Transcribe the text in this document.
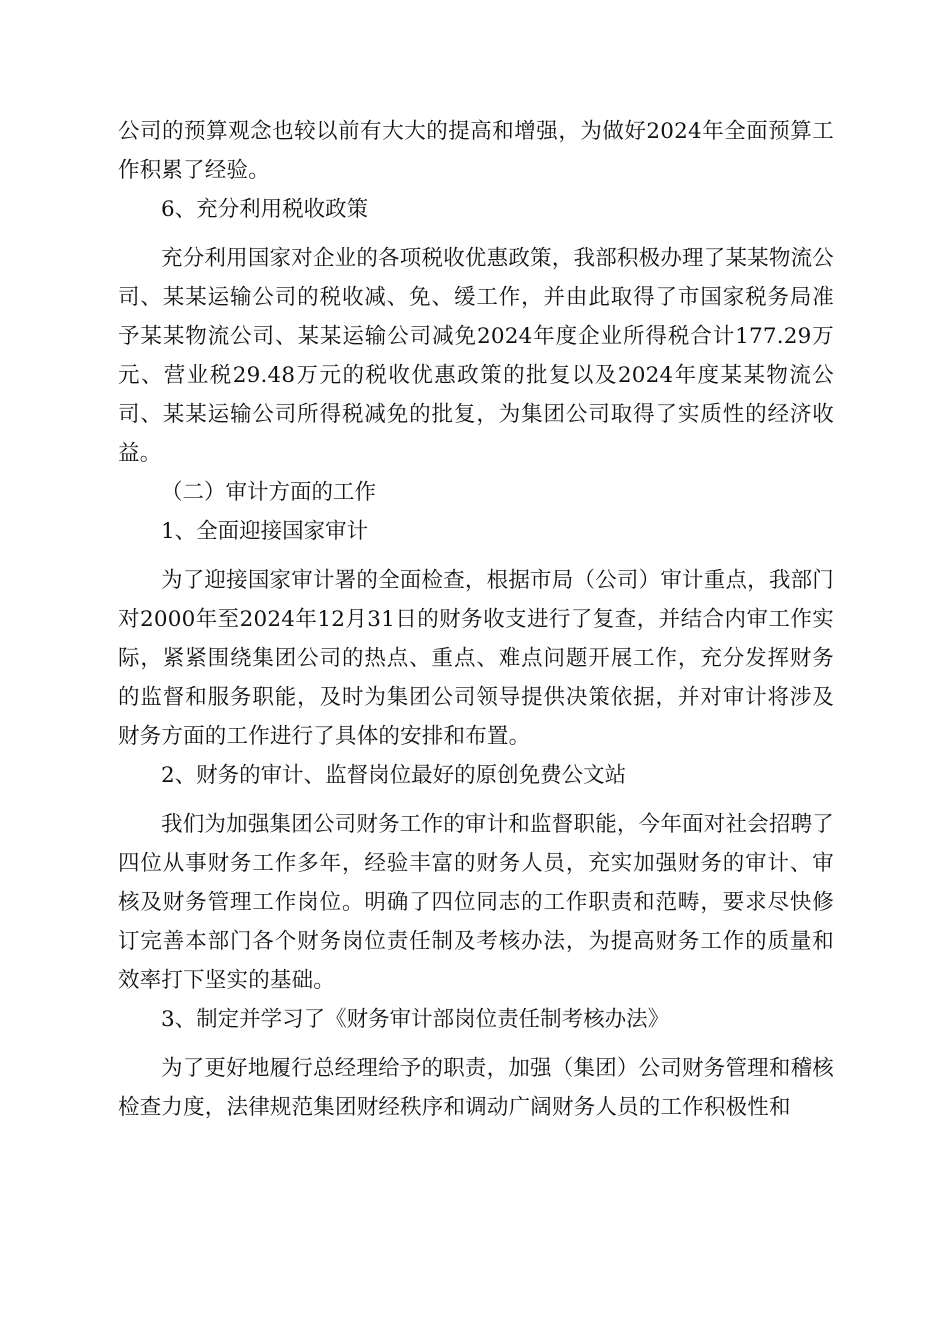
公司的预算观念也较以前有大大的提高和增强，为做好2024年全面预算工作积累了经验。

6、充分利用税收政策

充分利用国家对企业的各项税收优惠政策，我部积极办理了某某物流公司、某某运输公司的税收减、免、缓工作，并由此取得了市国家税务局准予某某物流公司、某某运输公司减免2024年度企业所得税合计177.29万元、营业税29.48万元的税收优惠政策的批复以及2024年度某某物流公司、某某运输公司所得税减免的批复，为集团公司取得了实质性的经济收益。

（二）审计方面的工作

1、全面迎接国家审计

为了迎接国家审计署的全面检查，根据市局（公司）审计重点，我部门对2000年至2024年12月31日的财务收支进行了复查，并结合内审工作实际，紧紧围绕集团公司的热点、重点、难点问题开展工作，充分发挥财务的监督和服务职能，及时为集团公司领导提供决策依据，并对审计将涉及财务方面的工作进行了具体的安排和布置。

2、财务的审计、监督岗位最好的原创免费公文站

我们为加强集团公司财务工作的审计和监督职能，今年面对社会招聘了四位从事财务工作多年，经验丰富的财务人员，充实加强财务的审计、审核及财务管理工作岗位。明确了四位同志的工作职责和范畴，要求尽快修订完善本部门各个财务岗位责任制及考核办法，为提高财务工作的质量和效率打下坚实的基础。

3、制定并学习了《财务审计部岗位责任制考核办法》

为了更好地履行总经理给予的职责，加强（集团）公司财务管理和稽核检查力度，法律规范集团财经秩序和调动广阔财务人员的工作积极性和
